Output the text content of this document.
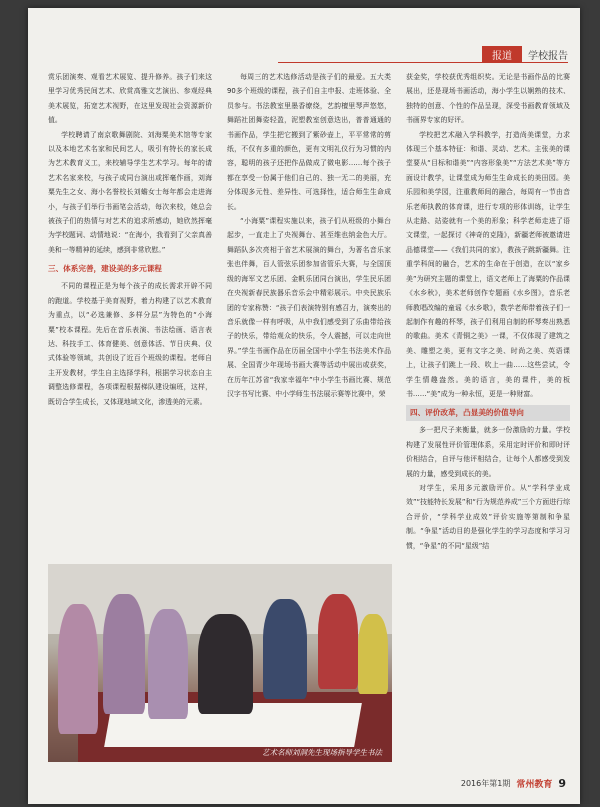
报道	学校报告

赏乐团演奏、观看艺术展览、提升修养。孩子们来这里学习优秀民间艺术、欣赏高雅文艺演出、参观经典美术展览，拓宽艺术视野，在这里发现社会资源新价值。

学校聘请了南京歌舞剧院、刘海粟美术馆等专家以及本地艺术名家和民间艺人，吸引有特长的家长成为艺术教育义工，来校辅导学生艺术学习。每年的请艺术名家来校，与孩子或同台演出或挥毫作画，刘海粟先生之女、海小名誉校长刘蟾女士每年都会走进海小，与孩子们举行书画笔会活动，每次来校，她总会被孩子们的热情与对艺术的追求所感动，她欣然挥毫为学校题词、动情地说：“在海小，我看到了父亲真善美和一等精神的延续，感到非常欣慰。”

三、体系完善，建设美的多元课程

不同的课程正是为每个孩子的成长需求开辟不同的跑道。学校基于美育视野，着力构建了以艺术教育为重点，以“必选兼修、多样分层”为特色的“小海粟”校本课程。先后在音乐表演、书法绘画、语言表达、科技手工、体育健美、创意体活、节日庆典、仪式体验等领域，共创设了近百个班级的课程。老师自主开发教材，学生自主选择学科，根据学习状态自主调整选修课程，各项课程根据梯队建设编班，这样，既切合学生成长，又体现地域文化，渗透美的元素。

每周三的艺术选修活动是孩子们的最爱。五大类90多个班级的课程，孩子们自主申报、走班体验、全员参与。书法教室里墨香缭绕，艺韵檀里琴声悠悠，舞蹈社团舞姿轻盈，泥塑教室创意迭出，普普通通的书画作品，学生把它搬到了紫砂壶上，平平常常的剪纸，不仅有多重的颜色，更有文明礼仪行为习惯的内容，聪明的孩子还把作品做成了微电影……每个孩子都在享受一份属于他们自己的、独一无二的美丽，充分体现多元性、差异性、可选择性，适合师生生命成长。

“小海粟”课程实施以来，孩子们从班级的小舞台起步，一直走上了央视舞台、甚至维也纳金色大厅。舞蹈队多次亮相于省艺术展演的舞台，为著名音乐家张也伴舞，百人管弦乐团参加省管乐大赛，与全国顶级的海军文艺乐团、金帆乐团同台演出，学生民乐团在央视新春民族器乐音乐会中精彩展示。中央民族乐团的专家称赞：“孩子们表演特别有感召力，演奏出的音乐就像一样有呼吸，从中我们感受到了乐曲带给孩子的快乐，带给观众的快乐，令人震撼，可以走向世界。”学生书画作品在历届全国中小学生书法美术作品展、全国青少年现场书画大赛等活动中展出或获奖，在历年江苏省“我家幸福年”中小学生书画比赛、规范汉字书写比赛、中小学师生书法展示赛等比赛中，荣

获金奖，学校获优秀组织奖。无论是书画作品的比赛展出，还是现场书画活动，海小学生以娴熟的技术、独特的创意、个性的作品呈现，深受书画教育领域及书画界专家的好评。

学校把艺术融入学科教学，打造尚美课堂，力求体现三个基本特征：和谐、灵动、艺术。主张美的课堂要从“目标和谐美”“内容形象美”“方法艺术美”等方面设计教学，让课堂成为师生生命成长的美田园。美乐园和美学园，注重教师间的融合，每周有一节由音乐老师执教的体育课，进行专项的形体训练，让学生从走路、站姿就有一个美的形象；科学老师走进了语文课堂，一起探讨《神奇的克隆》，新疆老师被邀请进品德课堂——《我们共同的家》，教孩子跳新疆舞。注重学科间的融合，艺术的生命在于创造，在以“家乡美”为研究主题的课堂上，语文老师上了海粟的作品课《水乡秋》，美术老师创作专题画《水乡图》，音乐老师教唱改编的童谣《水乡歌》，数学老师带着孩子们一起制作有趣的杯琴，孩子们利用自制的杯琴奏出熟悉的歌曲。美术《青铜之美》一课，不仅体现了建筑之美、雕塑之美，更有文字之美、时尚之美、英语课上，让孩子们跳上一段、吹上一曲……这些尝试，令学生情趣盎然。美的语言，美的课件，美的板书……“美”成为一种永恒，更是一种财富。

四、评价改革，凸显美的价值导向

多一把尺子来衡量，就多一份激励的力量。学校构建了发展性评价管理体系，采用定时评价和即时评价相结合，自评与他评相结合，让每个人都感受到发展的力量，感受到成长的美。

对学生，采用多元激励评价。从“学科学业成效”“技能特长发展”和“行为规范养成”三个方面进行综合评价，“学科学业成效”评价实施等第制和争星制。“争星”活动目的是强化学生的学习态度和学习习惯，“争星”的不同“星级”结

艺术名师刘洞先生现场指导学生书法
2016年第1期 常州教育 9
